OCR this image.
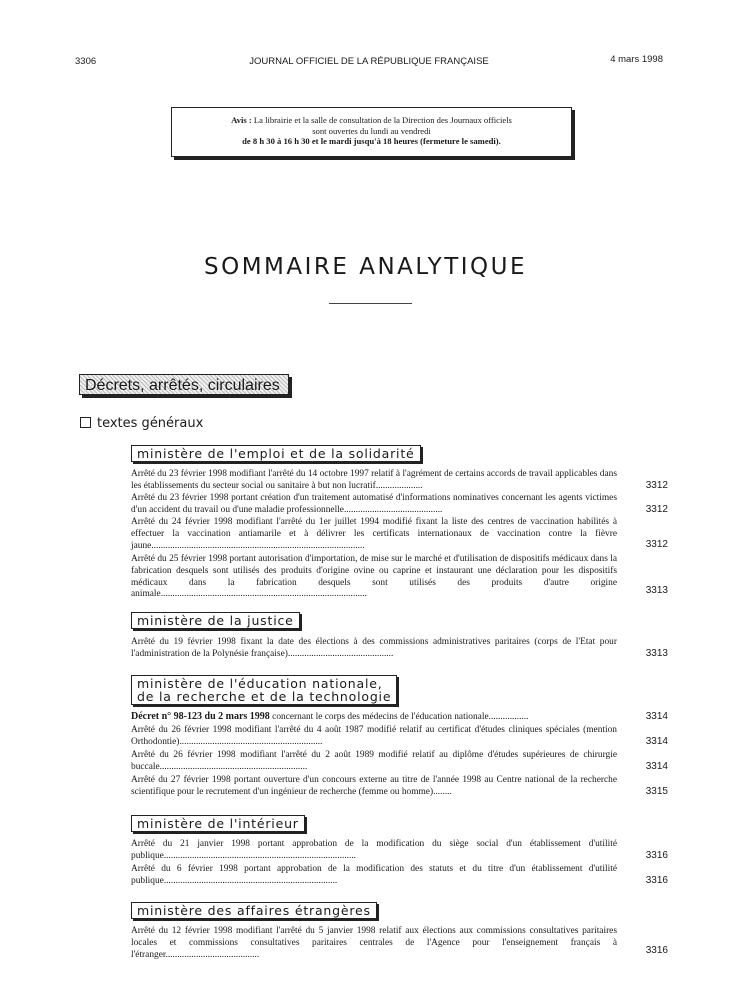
3306	JOURNAL OFFICIEL DE LA RÉPUBLIQUE FRANÇAISE	4 mars 1998
Avis : La librairie et la salle de consultation de la Direction des Journaux officiels
sont ouvertes du lundi au vendredi
de 8 h 30 à 16 h 30 et le mardi jusqu'à 18 heures (fermeture le samedi).
SOMMAIRE ANALYTIQUE
Décrets, arrêtés, circulaires
textes généraux
ministère de l'emploi et de la solidarité
Arrêté du 23 février 1998 modifiant l'arrêté du 14 octobre 1997 relatif à l'agrément de certains accords de travail applicables dans les établissements du secteur social ou sanitaire à but non lucratif....................	3312
Arrêté du 23 février 1998 portant création d'un traitement automatisé d'informations nominatives concernant les agents victimes d'un accident du travail ou d'une maladie professionnelle..........................................	3312
Arrêté du 24 février 1998 modifiant l'arrêté du 1er juillet 1994 modifié fixant la liste des centres de vaccination habilités à effectuer la vaccination antiamarile et à délivrer les certificats internationaux de vaccination contre la fièvre jaune...........................................................................................	3312
Arrêté du 25 février 1998 portant autorisation d'importation, de mise sur le marché et d'utilisation de dispositifs médicaux dans la fabrication desquels sont utilisés des produits d'origine ovine ou caprine et instaurant une déclaration pour les dispositifs médicaux dans la fabrication desquels sont utilisés des produits d'autre origine animale........................................................................................	3313
ministère de la justice
Arrêté du 19 février 1998 fixant la date des élections à des commissions administratives paritaires (corps de l'Etat pour l'administration de la Polynésie française).............................................	3313
ministère de l'éducation nationale,
de la recherche et de la technologie
Décret n° 98-123 du 2 mars 1998 concernant le corps des médecins de l'éducation nationale.................	3314
Arrêté du 26 février 1998 modifiant l'arrêté du 4 août 1987 modifié relatif au certificat d'études cliniques spéciales (mention Orthodontie).............................................................	3314
Arrêté du 26 février 1998 modifiant l'arrêté du 2 août 1989 modifié relatif au diplôme d'études supérieures de chirurgie buccale...............................................................	3314
Arrêté du 27 février 1998 portant ouverture d'un concours externe au titre de l'année 1998 au Centre national de la recherche scientifique pour le recrutement d'un ingénieur de recherche (femme ou homme)........	3315
ministère de l'intérieur
Arrêté du 21 janvier 1998 portant approbation de la modification du siège social d'un établissement d'utilité publique..................................................................................	3316
Arrêté du 6 février 1998 portant approbation de la modification des statuts et du titre d'un établissement d'utilité publique..........................................................................	3316
ministère des affaires étrangères
Arrêté du 12 février 1998 modifiant l'arrêté du 5 janvier 1998 relatif aux élections aux commissions consultatives paritaires locales et commissions consultatives paritaires centrales de l'Agence pour l'enseignement français à l'étranger........................................	3316
